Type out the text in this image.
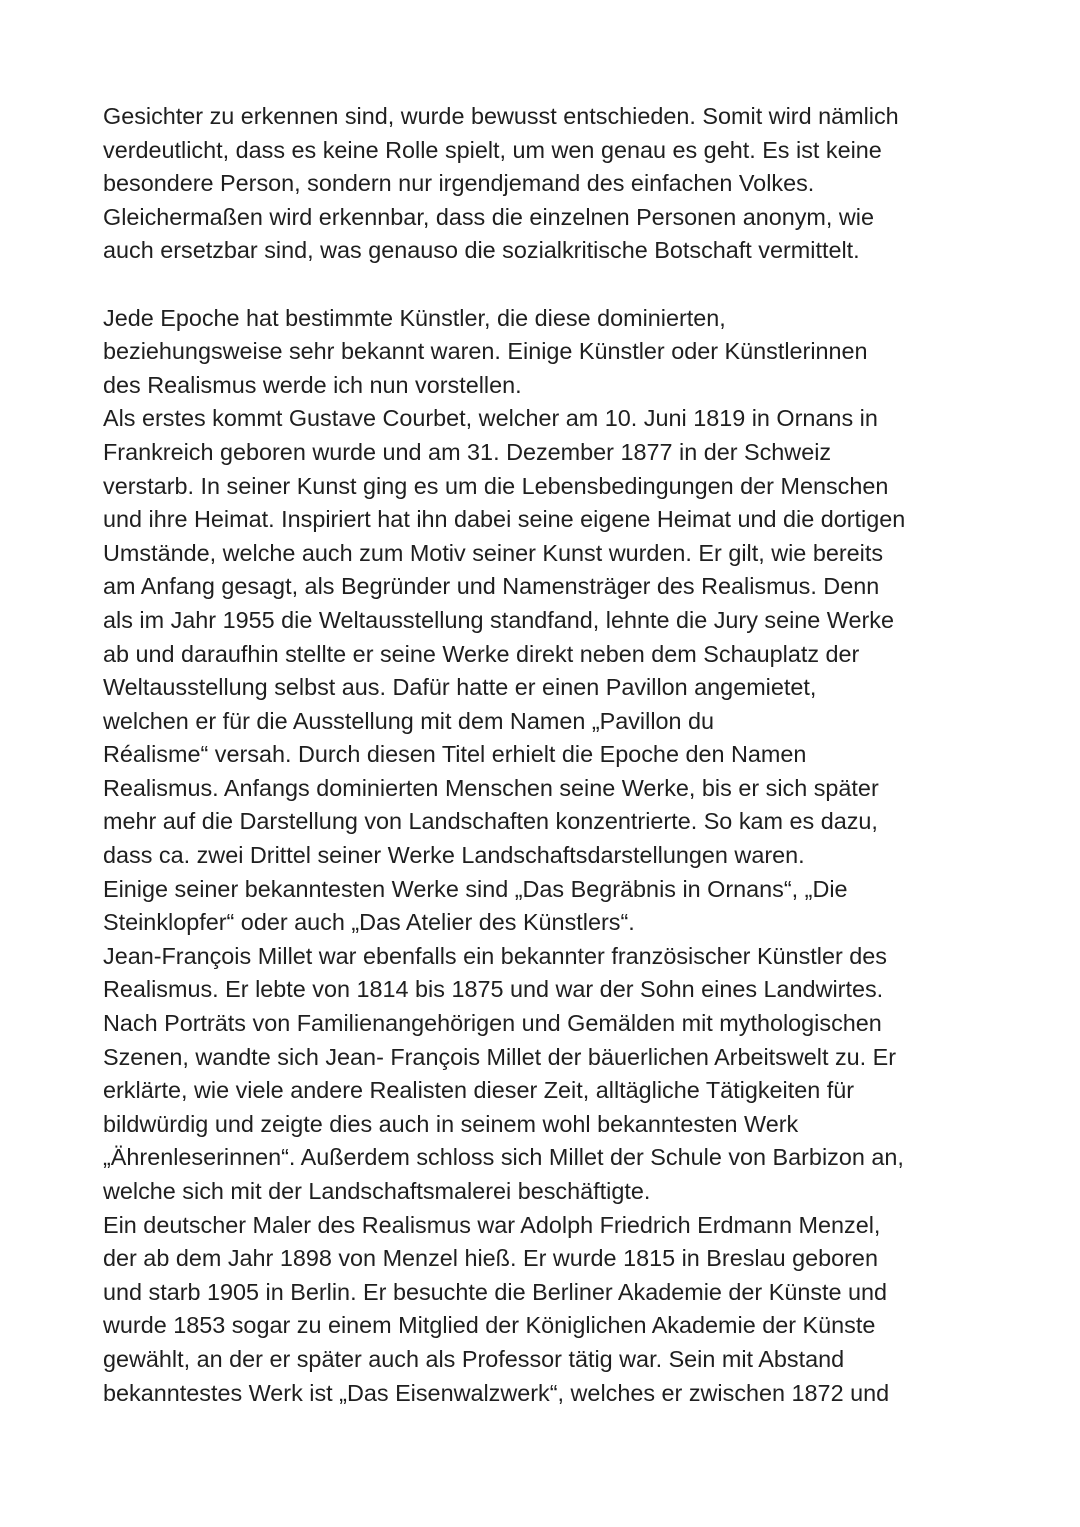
Gesichter zu erkennen sind, wurde bewusst entschieden. Somit wird nämlich
verdeutlicht, dass es keine Rolle spielt, um wen genau es geht. Es ist keine
besondere Person, sondern nur irgendjemand des einfachen Volkes.
Gleichermaßen wird erkennbar, dass die einzelnen Personen anonym, wie
auch ersetzbar sind, was genauso die sozialkritische Botschaft vermittelt.
Jede Epoche hat bestimmte Künstler, die diese dominierten,
beziehungsweise sehr bekannt waren. Einige Künstler oder Künstlerinnen
des Realismus werde ich nun vorstellen.
Als erstes kommt Gustave Courbet, welcher am 10. Juni 1819 in Ornans in
Frankreich geboren wurde und am 31. Dezember 1877 in der Schweiz
verstarb. In seiner Kunst ging es um die Lebensbedingungen der Menschen
und ihre Heimat. Inspiriert hat ihn dabei seine eigene Heimat und die dortigen
Umstände, welche auch zum Motiv seiner Kunst wurden. Er gilt, wie bereits
am Anfang gesagt, als Begründer und Namensträger des Realismus. Denn
als im Jahr 1955 die Weltausstellung standfand, lehnte die Jury seine Werke
ab und daraufhin stellte er seine Werke direkt neben dem Schauplatz der
Weltausstellung selbst aus. Dafür hatte er einen Pavillon angemietet,
welchen er für die Ausstellung mit dem Namen „Pavillon du
Réalisme“ versah. Durch diesen Titel erhielt die Epoche den Namen
Realismus. Anfangs dominierten Menschen seine Werke, bis er sich später
mehr auf die Darstellung von Landschaften konzentrierte. So kam es dazu,
dass ca. zwei Drittel seiner Werke Landschaftsdarstellungen waren.
Einige seiner bekanntesten Werke sind „Das Begräbnis in Ornans“, „Die
Steinklopfer“ oder auch „Das Atelier des Künstlers“.
Jean-François Millet war ebenfalls ein bekannter französischer Künstler des
Realismus. Er lebte von 1814 bis 1875 und war der Sohn eines Landwirtes.
Nach Porträts von Familienangehörigen und Gemälden mit mythologischen
Szenen, wandte sich Jean- François Millet der bäuerlichen Arbeitswelt zu. Er
erklärte, wie viele andere Realisten dieser Zeit, alltägliche Tätigkeiten für
bildwürdig und zeigte dies auch in seinem wohl bekanntesten Werk
„Ährenleserinnen“. Außerdem schloss sich Millet der Schule von Barbizon an,
welche sich mit der Landschaftsmalerei beschäftigte.
Ein deutscher Maler des Realismus war Adolph Friedrich Erdmann Menzel,
der ab dem Jahr 1898 von Menzel hieß. Er wurde 1815 in Breslau geboren
und starb 1905 in Berlin. Er besuchte die Berliner Akademie der Künste und
wurde 1853 sogar zu einem Mitglied der Königlichen Akademie der Künste
gewählt, an der er später auch als Professor tätig war. Sein mit Abstand
bekanntestes Werk ist „Das Eisenwalzwerk“, welches er zwischen 1872 und
